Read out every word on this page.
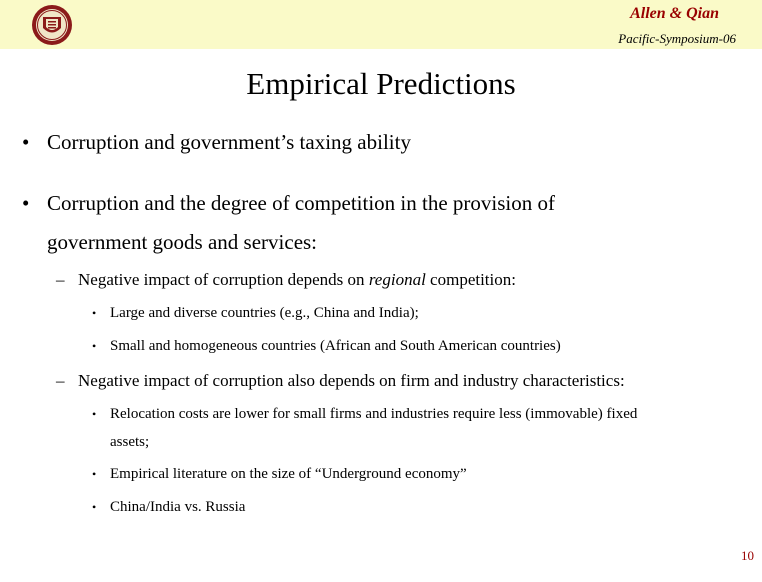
Allen & Qian
Pacific-Symposium-06
Empirical Predictions
• Corruption and government’s taxing ability
• Corruption and the degree of competition in the provision of
government goods and services:
– Negative impact of corruption depends on regional competition:
• Large and diverse countries (e.g., China and India);
• Small and homogeneous countries (African and South American countries)
– Negative impact of corruption also depends on firm and industry characteristics:
• Relocation costs are lower for small firms and industries require less (immovable) fixed
assets;
• Empirical literature on the size of “Underground economy”
• China/India vs. Russia
10
